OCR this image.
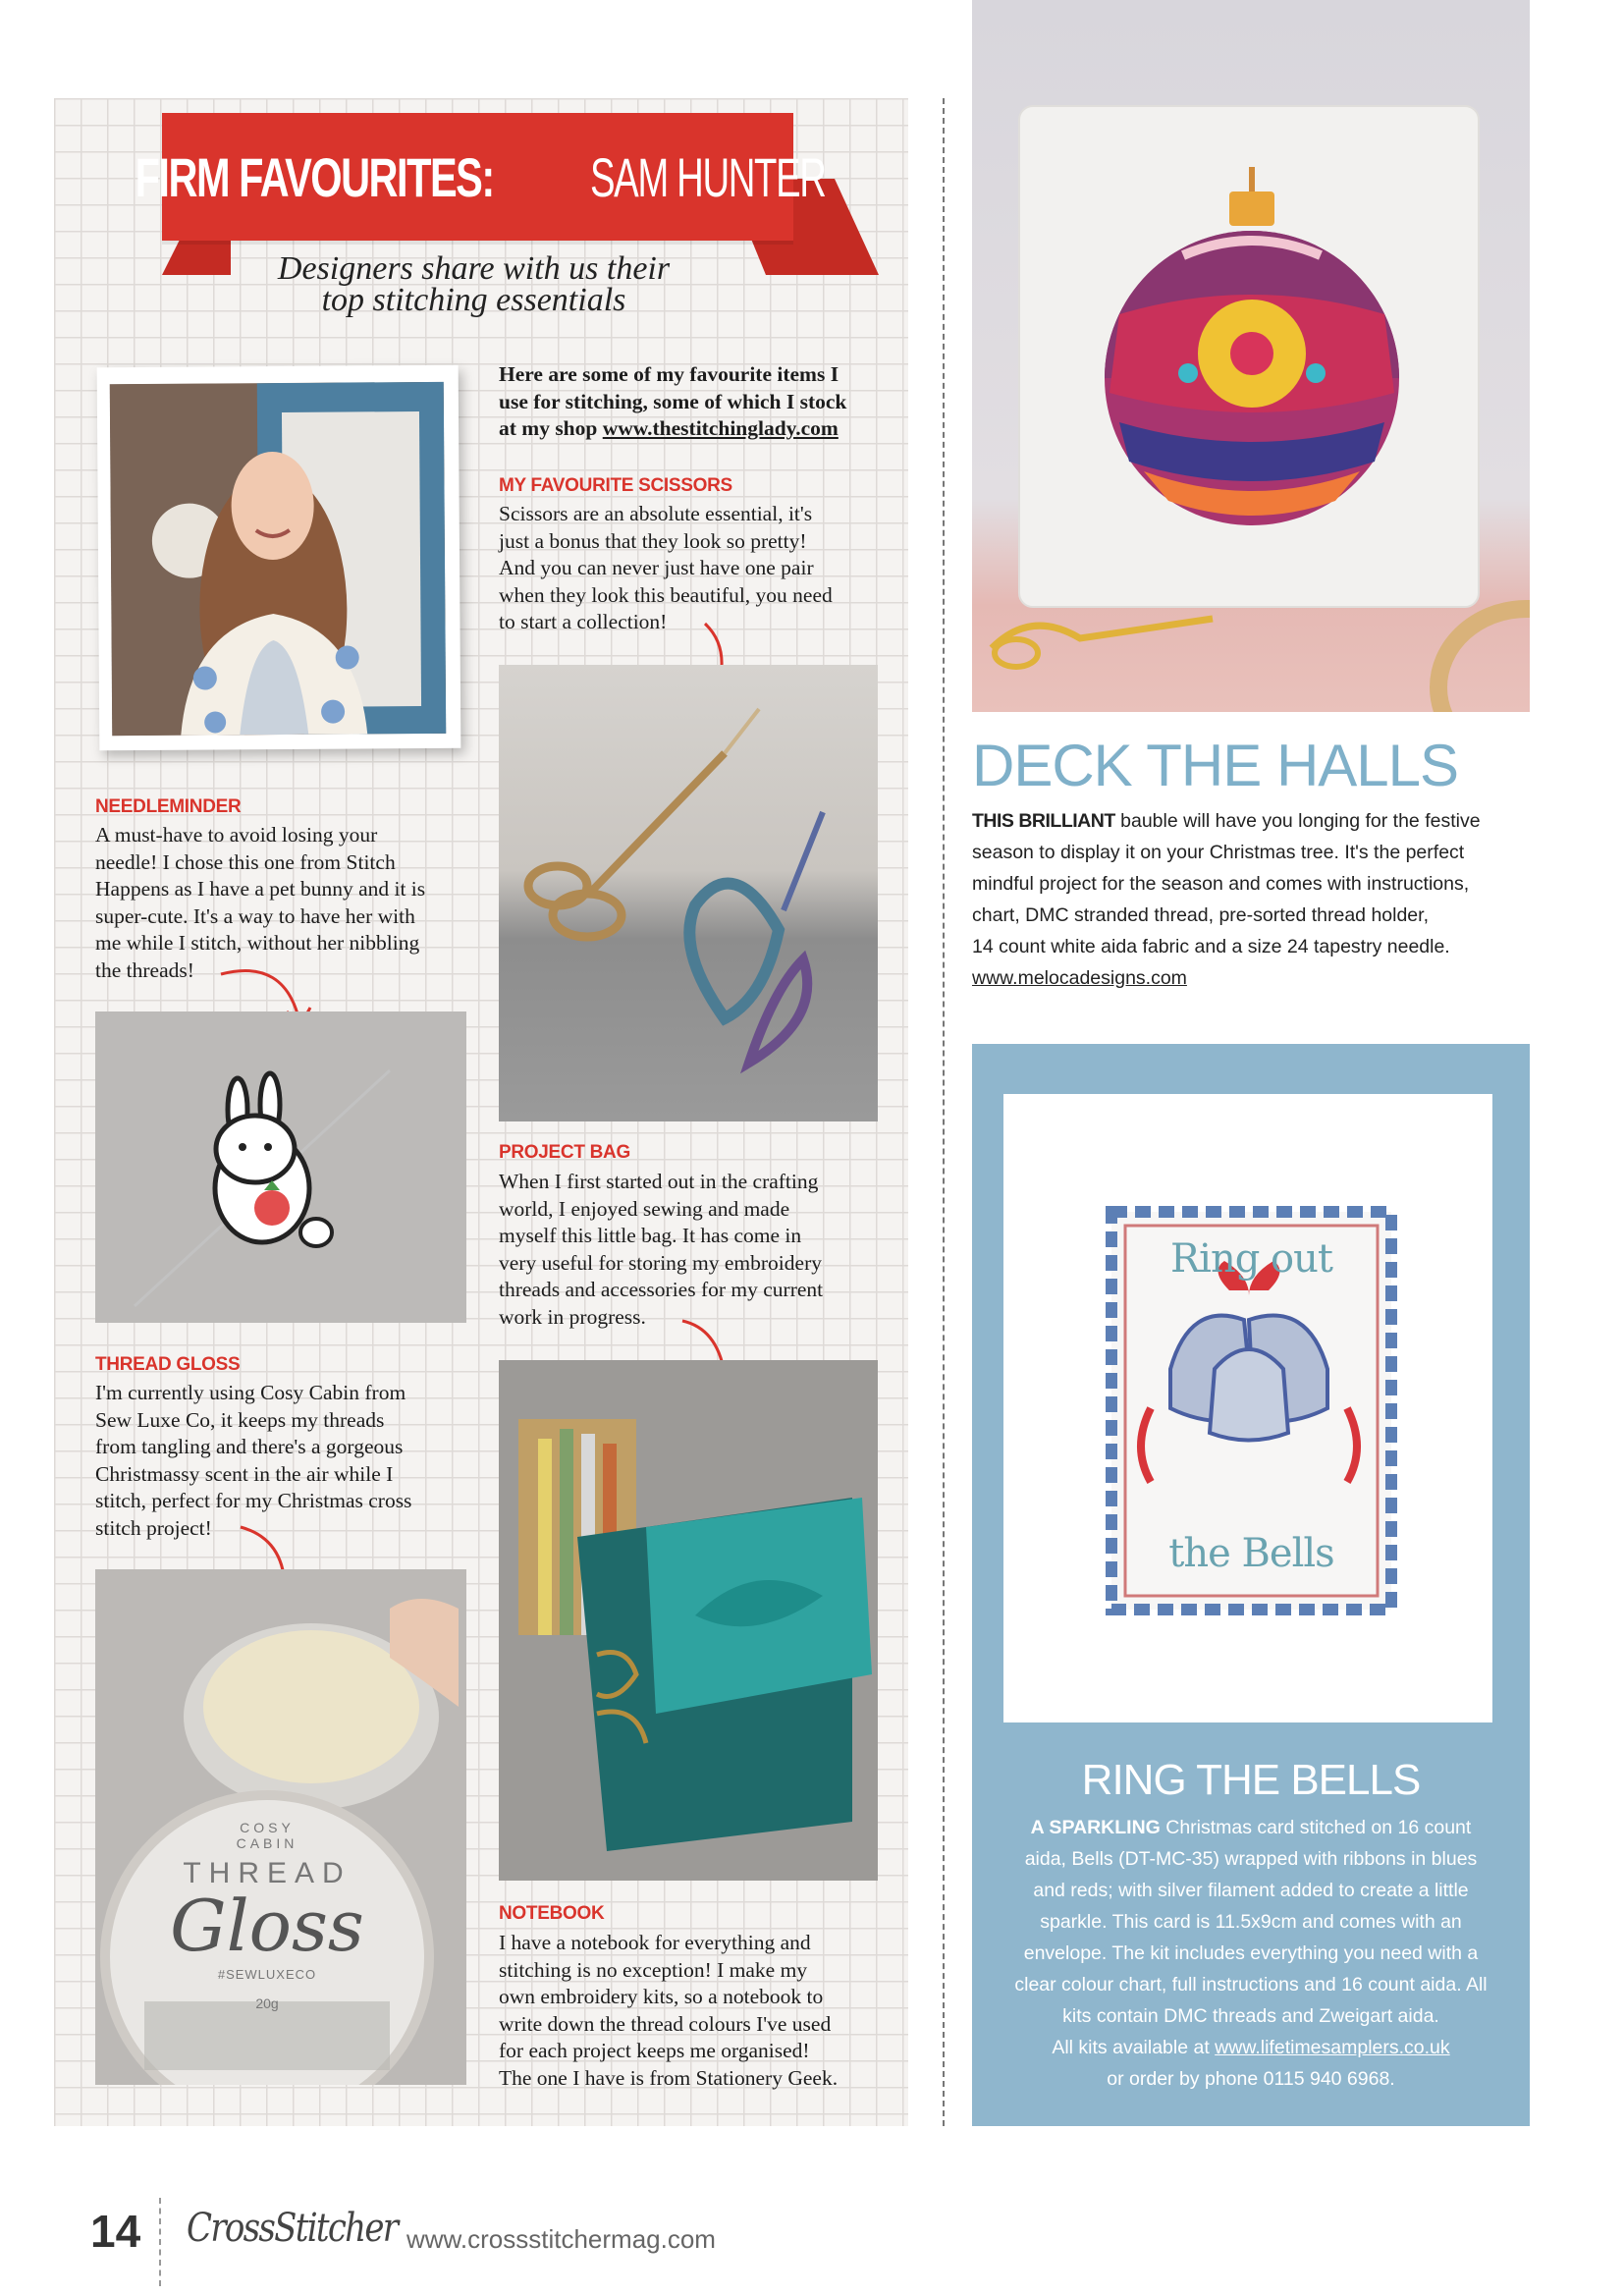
FIRM FAVOURITES: SAM HUNTER
Designers share with us their
top stitching essentials
Here are some of my favourite items I
use for stitching, some of which I stock
at my shop www.thestitchinglady.com
MY FAVOURITE SCISSORS
Scissors are an absolute essential, it's
just a bonus that they look so pretty!
And you can never just have one pair
when they look this beautiful, you need
to start a collection!
NEEDLEMINDER
A must-have to avoid losing your
needle! I chose this one from Stitch
Happens as I have a pet bunny and it is
super-cute. It's a way to have her with
me while I stitch, without her nibbling
the threads!
PROJECT BAG
When I first started out in the crafting
world, I enjoyed sewing and made
myself this little bag. It has come in
very useful for storing my embroidery
threads and accessories for my current
work in progress.
THREAD GLOSS
I'm currently using Cosy Cabin from
Sew Luxe Co, it keeps my threads
from tangling and there's a gorgeous
Christmassy scent in the air while I
stitch, perfect for my Christmas cross
stitch project!
COSY
CABIN
THREAD
Gloss
#SEWLUXECO
20g
NOTEBOOK
I have a notebook for everything and
stitching is no exception! I make my
own embroidery kits, so a notebook to
write down the thread colours I've used
for each project keeps me organised!
The one I have is from Stationery Geek.
DECK THE HALLS
THIS BRILLIANT bauble will have you longing for the festive
season to display it on your Christmas tree. It's the perfect
mindful project for the season and comes with instructions,
chart, DMC stranded thread, pre-sorted thread holder,
14 count white aida fabric and a size 24 tapestry needle.
www.melocadesigns.com
Ring out
the Bells
RING THE BELLS
A SPARKLING Christmas card stitched on 16 count
aida, Bells (DT-MC-35) wrapped with ribbons in blues
and reds; with silver filament added to create a little
sparkle. This card is 11.5x9cm and comes with an
envelope. The kit includes everything you need with a
clear colour chart, full instructions and 16 count aida. All
kits contain DMC threads and Zweigart aida.
All kits available at www.lifetimesamplers.co.uk
or order by phone 0115 940 6968.
14 CrossStitcher www.crossstitchermag.com
